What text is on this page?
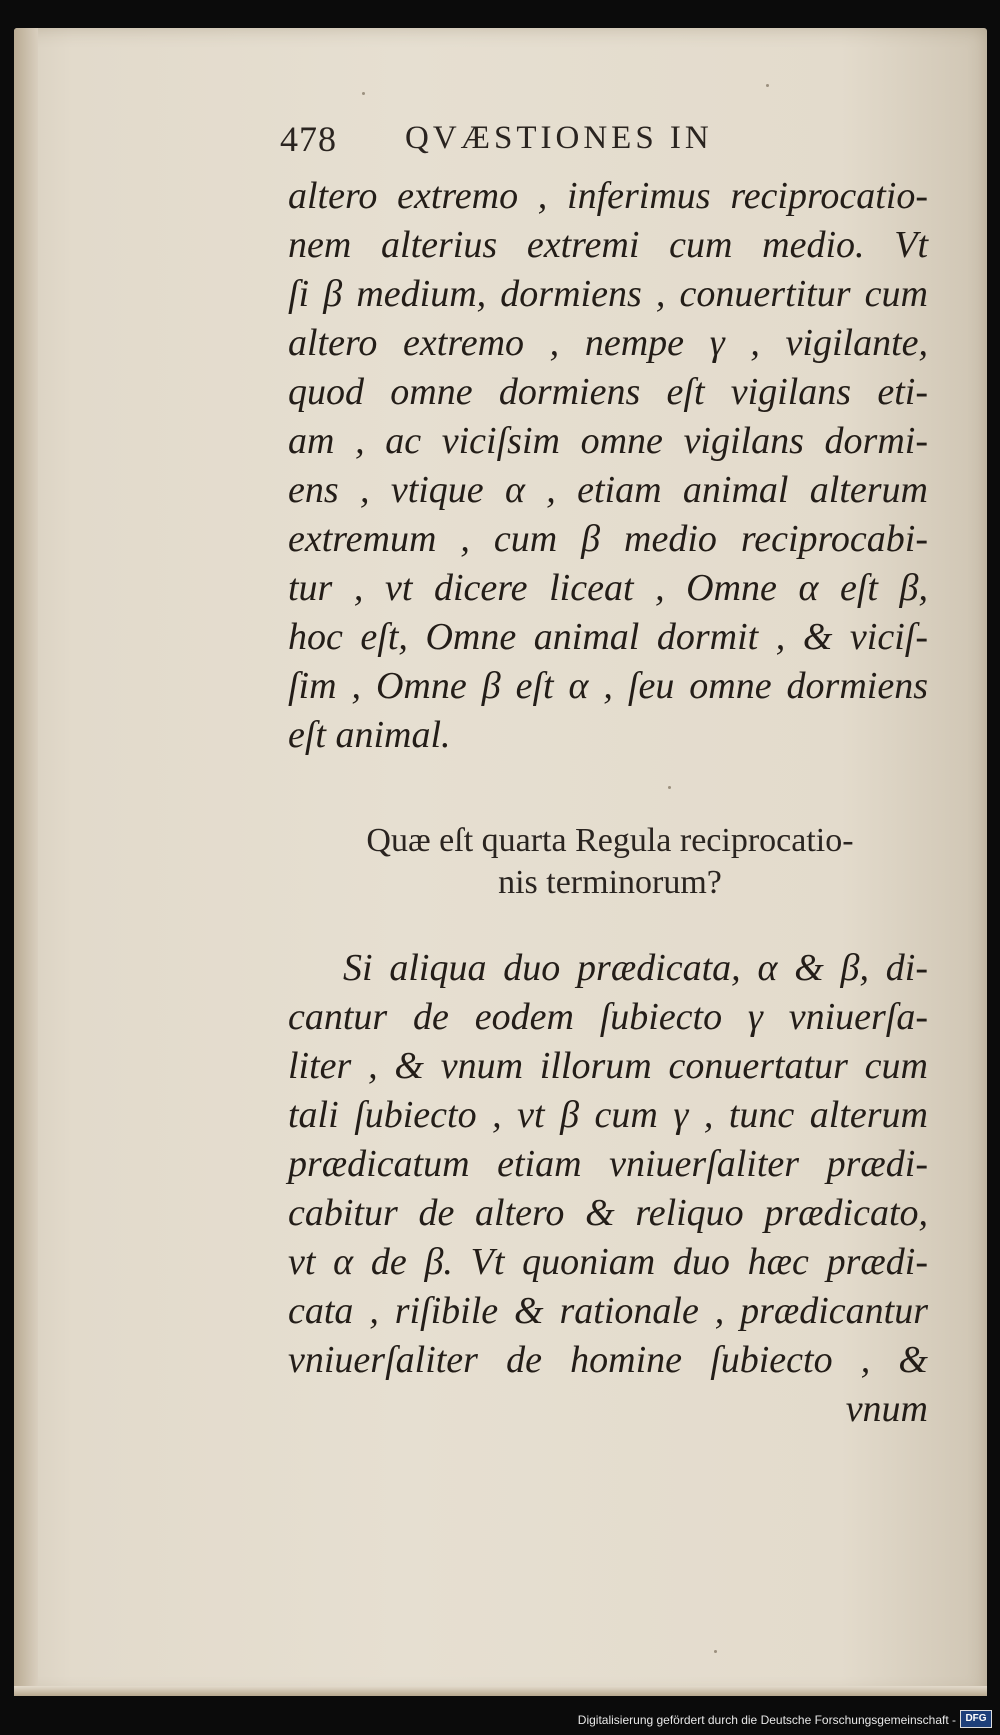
478 QVÆSTIONES IN
altero extremo , inferimus reciprocatio-
nem alterius extremi cum medio. Vt
ſi β medium, dormiens , conuertitur cum
altero extremo , nempe γ , vigilante,
quod omne dormiens eſt vigilans eti-
am , ac viciſsim omne vigilans dormi-
ens , vtique α , etiam animal alterum
extremum , cum β medio reciprocabi-
tur , vt dicere liceat , Omne α eſt β,
hoc eſt, Omne animal dormit , & viciſ-
ſim , Omne β eſt α , ſeu omne dormiens
eſt animal.
Quæ eſt quarta Regula reciprocatio-
nis terminorum?
Si aliqua duo prædicata, α & β, di-
cantur de eodem ſubiecto γ vniuerſa-
liter , & vnum illorum conuertatur cum
tali ſubiecto , vt β cum γ , tunc alterum
prædicatum etiam vniuerſaliter prædi-
cabitur de altero & reliquo prædicato,
vt α de β. Vt quoniam duo hæc prædi-
cata , riſibile & rationale , prædicantur
vniuerſaliter de homine ſubiecto , &
vnum
Digitalisierung gefördert durch die Deutsche Forschungsgemeinschaft - DFG
